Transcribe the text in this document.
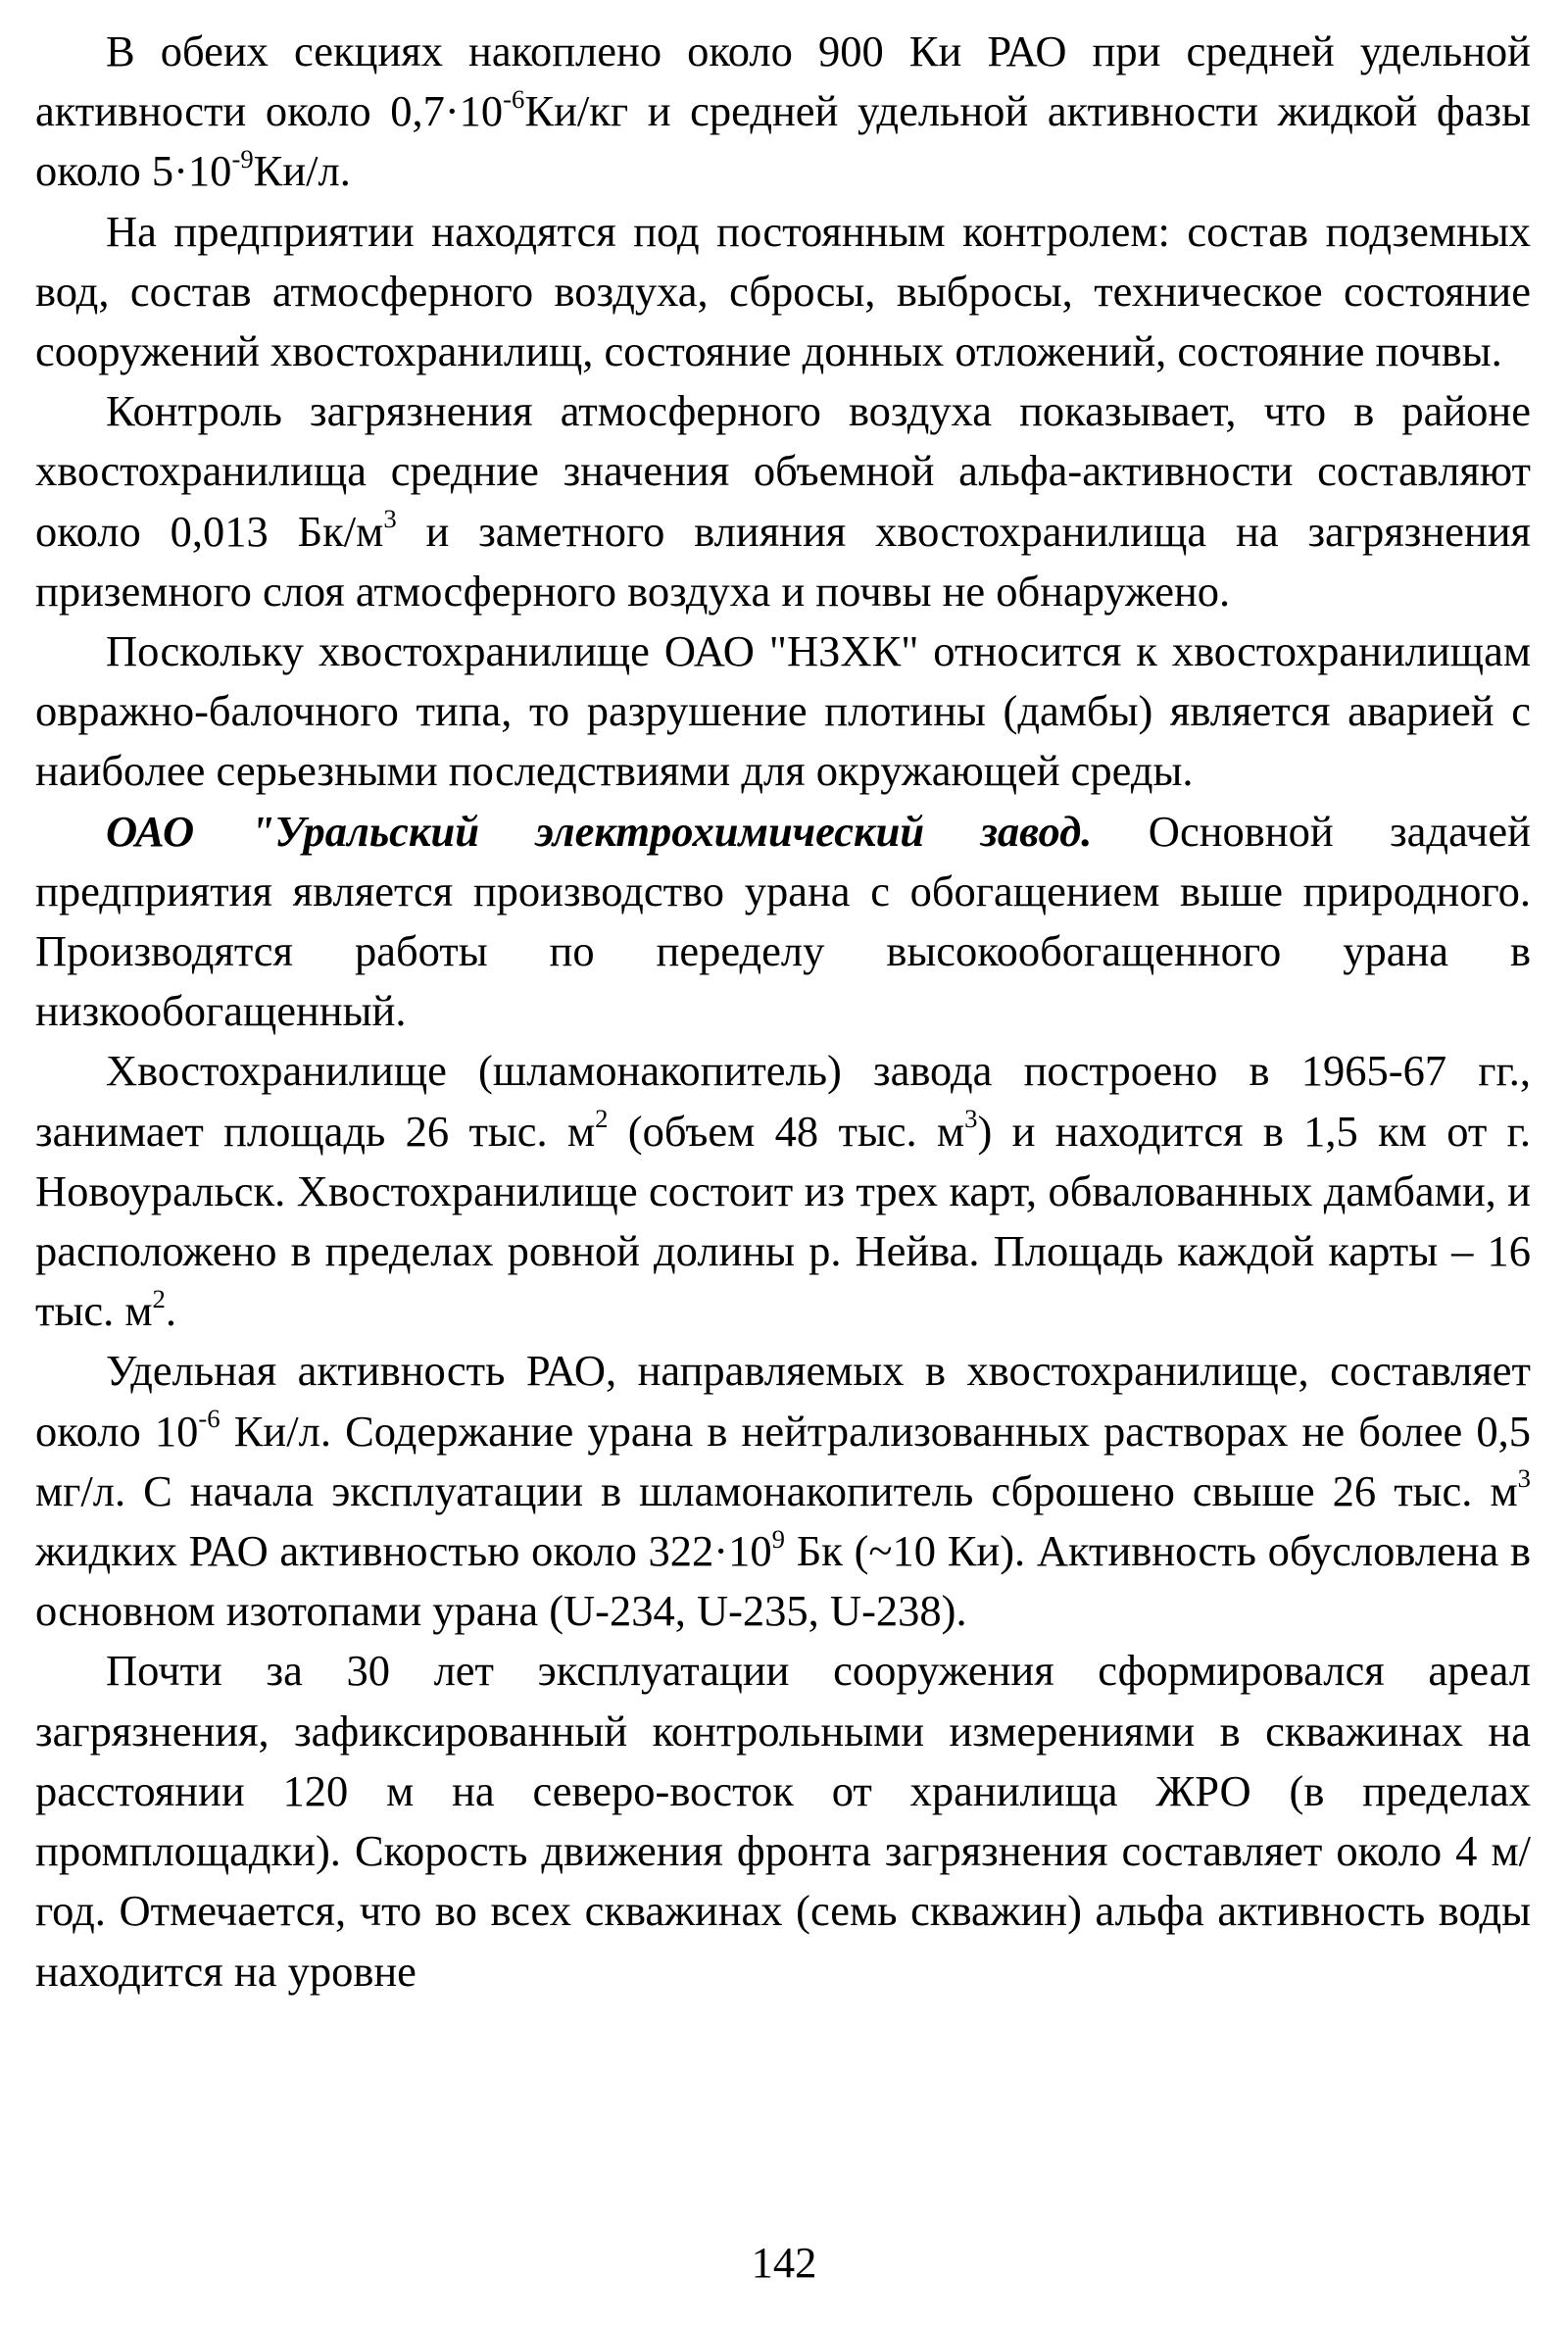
В обеих секциях накоплено около 900 Ки РАО при средней удельной активности около $0,7\cdot 10^{-6}Ки/кг$ и средней удельной активности жидкой фазы около $5\cdot 10^{-9}Ки/л$.

На предприятии находятся под постоянным контролем: состав подземных вод, состав атмосферного воздуха, сбросы, выбросы, техническое состояние сооружений хвостохранилищ, состояние донных отложений, состояние почвы.

Контроль загрязнения атмосферного воздуха показывает, что в районе хвостохранилища средние значения объемной альфа-активности составляют около 0,013 $Бк/м^3$ и заметного влияния хвостохранилища на загрязнения приземного слоя атмосферного воздуха и почвы не обнаружено.

Поскольку хвостохранилище ОАО "НЗХК" относится к хвостохранилищам овражно-балочного типа, то разрушение плотины (дамбы) является аварией с наиболее серьезными последствиями для окружающей среды.

ОАО "Уральский электрохимический завод. Основной задачей предприятия является производство урана с обогащением выше природного. Производятся работы по переделу высокообогащенного урана в низкообогащенный.

Хвостохранилище (шламонакопитель) завода построено в 1965-67 гг., занимает площадь 26 тыс. $м^2$ (объем 48 тыс. $м^3$) и находится в 1,5 км от г. Новоуральск. Хвостохранилище состоит из трех карт, обвалованных дамбами, и расположено в пределах ровной долины р. Нейва. Площадь каждой карты – 16 тыс. $м^2$.

Удельная активность РАО, направляемых в хвостохранилище, составляет около $10^{-6}$ Ки/л. Содержание урана в нейтрализованных растворах не более 0,5 мг/л. С начала эксплуатации в шламонакопитель сброшено свыше 26 тыс. $м^3$ жидких РАО активностью около $322\cdot 10^9$ Бк (~10 Ки). Активность обусловлена в основном изотопами урана (U-234, U-235, U-238).

Почти за 30 лет эксплуатации сооружения сформировался ареал загрязнения, зафиксированный контрольными измерениями в скважинах на расстоянии 120 м на северо-восток от хранилища ЖРО (в пределах промплощадки). Скорость движения фронта загрязнения составляет около 4 м/год. Отмечается, что во всех скважинах (семь скважин) альфа активность воды находится на уровне

142
